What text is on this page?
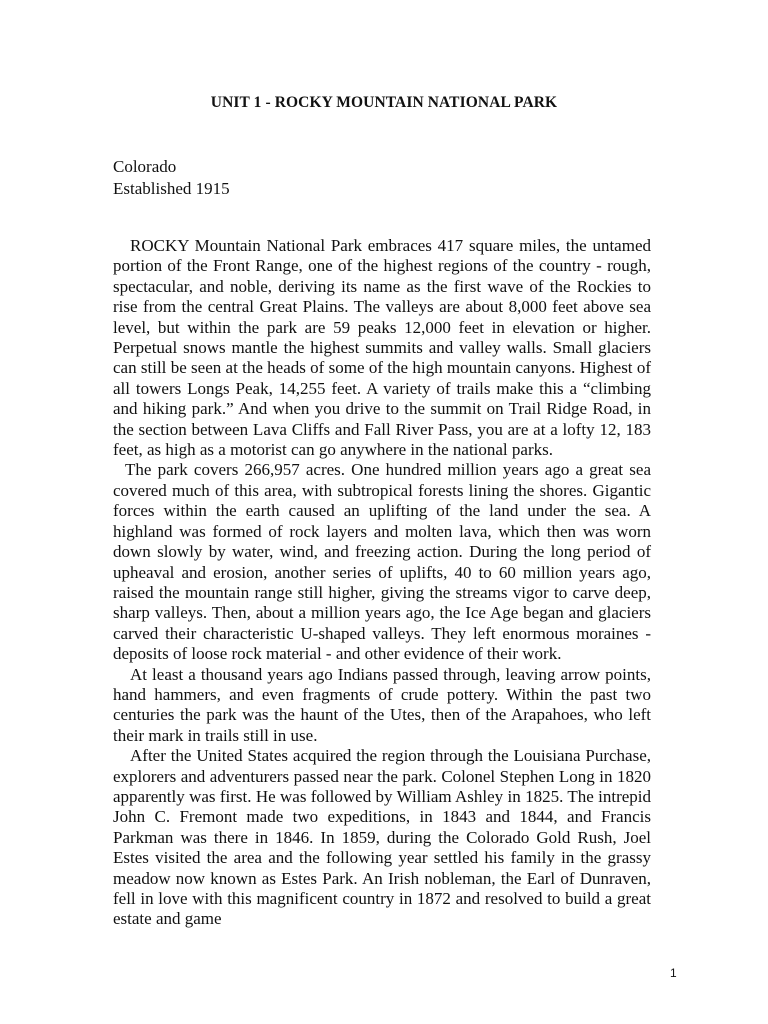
UNIT 1 - ROCKY MOUNTAIN NATIONAL PARK
Colorado
Established 1915

ROCKY Mountain National Park embraces 417 square miles, the untamed portion of the Front Range, one of the highest regions of the country - rough, spectacular, and noble, deriving its name as the first wave of the Rockies to rise from the central Great Plains. The valleys are about 8,000 feet above sea level, but within the park are 59 peaks 12,000 feet in elevation or higher. Perpetual snows mantle the highest summits and valley walls. Small glaciers can still be seen at the heads of some of the high mountain canyons. Highest of all towers Longs Peak, 14,255 feet. A variety of trails make this a “climbing and hiking park.” And when you drive to the summit on Trail Ridge Road, in the section between Lava Cliffs and Fall River Pass, you are at a lofty 12, 183 feet, as high as a motorist can go anywhere in the national parks.

The park covers 266,957 acres. One hundred million years ago a great sea covered much of this area, with subtropical forests lining the shores. Gigantic forces within the earth caused an uplifting of the land under the sea. A highland was formed of rock layers and molten lava, which then was worn down slowly by water, wind, and freezing action. During the long period of upheaval and erosion, another series of uplifts, 40 to 60 million years ago, raised the mountain range still higher, giving the streams vigor to carve deep, sharp valleys. Then, about a million years ago, the Ice Age began and glaciers carved their characteristic U-shaped valleys. They left enormous moraines - deposits of loose rock material - and other evidence of their work.

At least a thousand years ago Indians passed through, leaving arrow points, hand hammers, and even fragments of crude pottery. Within the past two centuries the park was the haunt of the Utes, then of the Arapahoes, who left their mark in trails still in use.

After the United States acquired the region through the Louisiana Purchase, explorers and adventurers passed near the park. Colonel Stephen Long in 1820 apparently was first. He was followed by William Ashley in 1825. The intrepid John C. Fremont made two expeditions, in 1843 and 1844, and Francis Parkman was there in 1846. In 1859, during the Colorado Gold Rush, Joel Estes visited the area and the following year settled his family in the grassy meadow now known as Estes Park. An Irish nobleman, the Earl of Dunraven, fell in love with this magnificent country in 1872 and resolved to build a great estate and game

1
